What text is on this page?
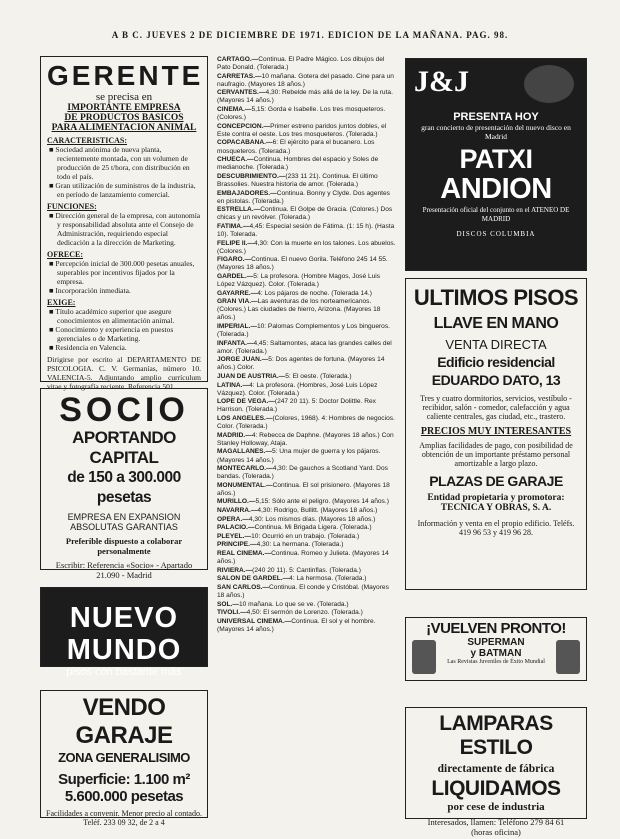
A B C. JUEVES 2 DE DICIEMBRE DE 1971. EDICION DE LA MAÑANA. PAG. 98.
GERENTE
se precisa en
IMPORTANTE EMPRESA
DE PRODUCTOS BASICOS
PARA ALIMENTACION ANIMAL
CARACTERISTICAS:
■ Sociedad anónima de nueva planta, recientemente montada, con un volumen de producción de 25 t/hora, con distribución en todo el país.
■ Gran utilización de suministros de la industria, en período de lanzamiento comercial.
FUNCIONES:
■ Dirección general de la empresa, con autonomía y responsabilidad absoluta ante el Consejo de Administración, requiriendo especial dedicación a la dirección de Marketing.
OFRECE:
■ Percepción inicial de 300.000 pesetas anuales, superables por incentivos fijados por la empresa.
■ Incorporación inmediata.
EXIGE:
■ Título académico superior que asegure conocimientos en alimentación animal.
■ Conocimiento y experiencia en puestos gerenciales o de Marketing.
■ Residencia en Valencia.
Dirigirse por escrito al DEPARTAMENTO DE PSICOLOGIA. C. V. Germanías, número 10. VALENCIA-5. Adjuntando amplio currículum vitae y fotografía reciente. Referencia 501.
SOCIO
APORTANDO CAPITAL
de 150 a 300.000 pesetas
EMPRESA EN EXPANSION
ABSOLUTAS GARANTIAS
Preferible dispuesto a colaborar personalmente
Escribir: Referencia «Socio» - Apartado 21.090 - Madrid
NUEVO MUNDO
pisos con bastante más
VENDO GARAJE
ZONA GENERALISIMO
Superficie: 1.100 m²
5.600.000 pesetas
Facilidades a convenir. Menor precio al contado. Teléf. 233 09 32, de 2 a 4

CARTAGO.—Continua. El Padre Mágico. Los dibujos del Pato Donald. (Tolerada.)

CARRETAS.—10 mañana. Gotera del pasado. Cine para un naufragio. (Mayores 18 años.)

CERVANTES.—4,30: Rebelde más allá de la ley. De la ruta. (Mayores 14 años.)

CINEMA.—5,15: Gorda e Isabelle. Los tres mosqueteros. (Colores.)

CONCEPCION.—Primer estreno paridos juntos dobles, el Este contra el oeste. Los tres mosqueteros. (Tolerada.)

COPACABANA.—6: El ejército para el bucanero. Los mosqueteros. (Tolerada.)

CHUECA.—Continua. Hombres del espacio y Soles de medianoche. (Tolerada.)

DESCUBRIMIENTO.—(233 11 21). Continua. El último Brassolies. Nuestra historia de amor. (Tolerada.)

EMBAJADORES.—Continua. Bonny y Clyde. Dos agentes en pistolas. (Tolerada.)

ESTRELLA.—Continua. El Golpe de Gracia. (Colores.) Dos chicas y un revólver. (Tolerada.)

FATIMA.—4,45: Especial sesión de Fátima. (1: 15 h). (Hasta 10). Tolerada.

FELIPE II.—4,30: Con la muerte en los talones. Los abuelos. (Colores.)

FIGARO.—Continua. El nuevo Gorila. Teléfono 245 14 55. (Mayores 18 años.)

GARDEL.—5: La profesora. (Hombre Magos, José Luis López Vázquez). Color. (Tolerada.)

GAYARRE.—4: Los pájaros de noche. (Tolerada 14.)

GRAN VIA.—Las aventuras de los norteamericanos. (Colores.) Las ciudades de hierro, Arizona. (Mayores 18 años.)

IMPERIAL.—10: Palomas Complementos y Los bingueros. (Tolerada.)

INFANTA.—4,45: Saltamontes, ataca las grandes calles del amor. (Tolerada.)

JORGE JUAN.—5: Dos agentes de fortuna. (Mayores 14 años.) Color.

JUAN DE AUSTRIA.—5: El oeste. (Tolerada.)

LATINA.—4: La profesora. (Hombres, José Luis López Vázquez). Color. (Tolerada.)

LOPE DE VEGA.—(247 20 11). 5: Doctor Dolittle. Rex Harrison. (Tolerada.)

LOS ANGELES.—(Colores, 1968). 4: Hombres de negocios. Color. (Tolerada.)

MADRID.—4: Rebecca de Daphne. (Mayores 18 años.) Con Stanley Holloway, Ataja.

MAGALLANES.—5: Una mujer de guerra y los pájaros. (Mayores 14 años.)

MONTECARLO.—4,30: De gauchos a Scotland Yard. Dos bandas. (Tolerada.)

MONUMENTAL.—Continua. El sol prisionero. (Mayores 18 años.)

MURILLO.—5,15: Sólo ante el peligro. (Mayores 14 años.)

NAVARRA.—4,30: Rodrigo, Bullitt. (Mayores 18 años.)

OPERA.—4,30: Los mismos días. (Mayores 18 años.)

PALACIO.—Continua. Mi Brigada Ligera. (Tolerada.)

PLEYEL.—10: Ocurrió en un trabajo. (Tolerada.)

PRINCIPE.—4,30: La hermana. (Tolerada.)

REAL CINEMA.—Continua. Romeo y Julieta. (Mayores 14 años.)

RIVIERA.—(240 20 11). 5: Cantinflas. (Tolerada.)

SALON DE GARDEL.—4: La hermosa. (Tolerada.)

SAN CARLOS.—Continua. El conde y Cristóbal. (Mayores 18 años.)

SOL.—10 mañana. Lo que se ve. (Tolerada.)

TIVOLI.—4,50: El sermón de Lorenzo. (Tolerada.)

UNIVERSAL CINEMA.—Continua. El sol y el hombre. (Mayores 14 años.)

J&J
PRESENTA HOY
gran concierto de presentación del nuevo disco en Madrid
PATXI
ANDION
Presentación oficial del conjunto en el ATENEO DE MADRID
DISCOS COLUMBIA
ULTIMOS PISOS
LLAVE EN MANO
VENTA DIRECTA
Edificio residencial
EDUARDO DATO, 13
Tres y cuatro dormitorios, servicios, vestíbulo - recibidor, salón - comedor, calefacción y agua caliente centrales, gas ciudad, etc., trastero.
PRECIOS MUY INTERESANTES
Amplias facilidades de pago, con posibilidad de obtención de un importante préstamo personal amortizable a largo plazo.
PLAZAS DE GARAJE
Entidad propietaria y promotora:
TECNICA Y OBRAS, S. A.
Información y venta en el propio edificio. Teléfs. 419 96 53 y 419 96 28.
¡VUELVEN PRONTO!
SUPERMAN
y BATMAN
Las Revistas Juveniles de Éxito Mundial
LAMPARAS ESTILO
directamente de fábrica
LIQUIDAMOS
por cese de industria
Interesados, llamen: Teléfono 279 84 61
(horas oficina)
